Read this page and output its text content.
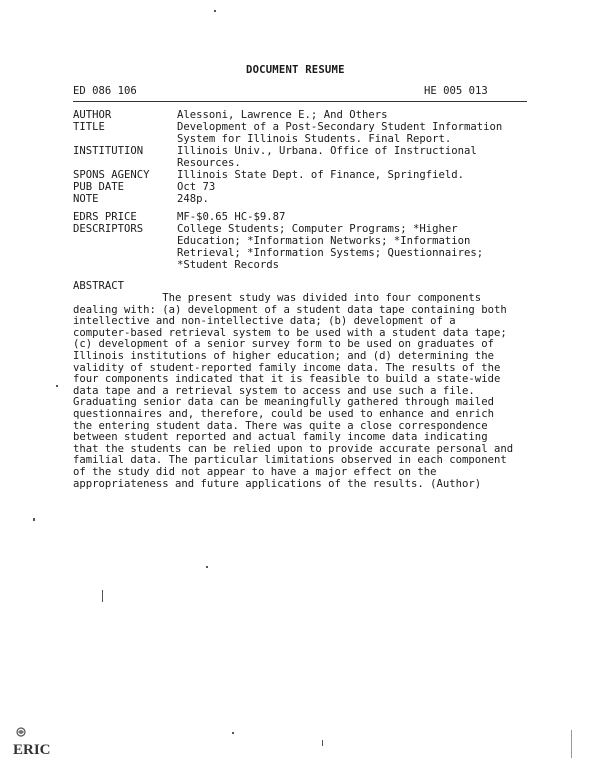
DOCUMENT RESUME
ED 086 106	HE 005 013
AUTHOR	Alessoni, Lawrence E.; And Others
TITLE	Development of a Post-Secondary Student Information
System for Illinois Students. Final Report.
INSTITUTION	Illinois Univ., Urbana. Office of Instructional
Resources.
SPONS AGENCY	Illinois State Dept. of Finance, Springfield.
PUB DATE	Oct 73
NOTE	248p.
EDRS PRICE	MF-$0.65 HC-$9.87
DESCRIPTORS	College Students; Computer Programs; *Higher
Education; *Information Networks; *Information
Retrieval; *Information Systems; Questionnaires;
*Student Records
ABSTRACT
The present study was divided into four components
dealing with: (a) development of a student data tape containing both
intellective and non-intellective data; (b) development of a
computer-based retrieval system to be used with a student data tape;
(c) development of a senior survey form to be used on graduates of
Illinois institutions of higher education; and (d) determining the
validity of student-reported family income data. The results of the
four components indicated that it is feasible to build a state-wide
data tape and a retrieval system to access and use such a file.
Graduating senior data can be meaningfully gathered through mailed
questionnaires and, therefore, could be used to enhance and enrich
the entering student data. There was quite a close correspondence
between student reported and actual family income data indicating
that the students can be relied upon to provide accurate personal and
familial data. The particular limitations observed in each component
of the study did not appear to have a major effect on the
appropriateness and future applications of the results. (Author)
ERIC
